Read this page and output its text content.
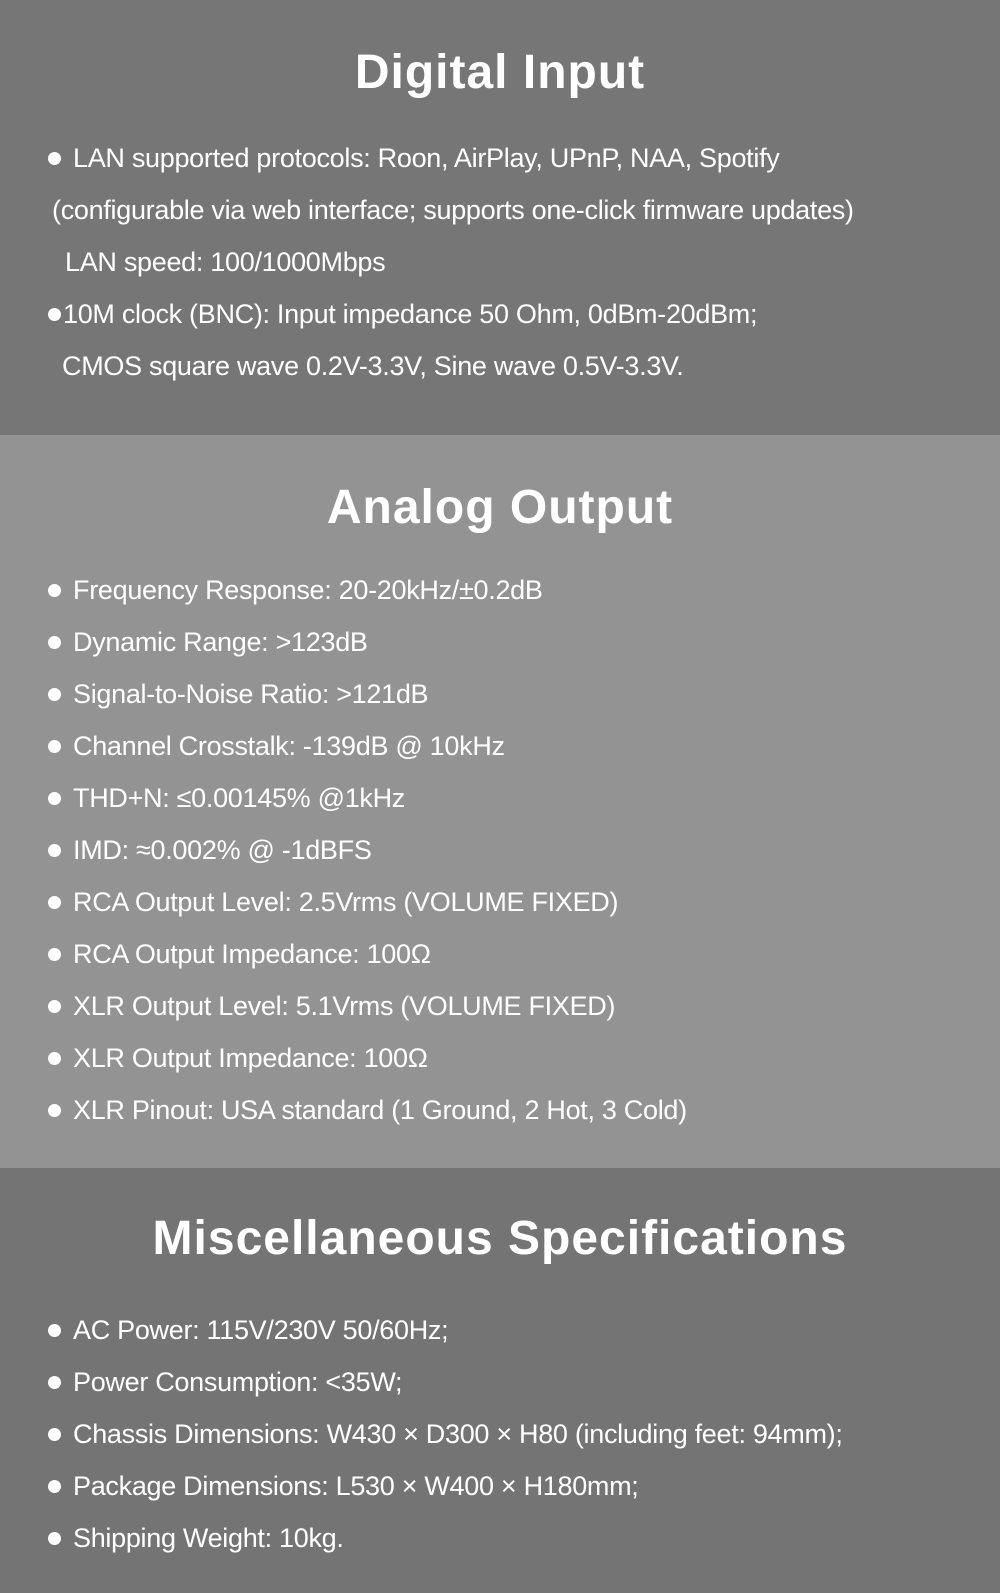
Digital Input
LAN supported protocols: Roon, AirPlay, UPnP, NAA, Spotify
(configurable via web interface; supports one-click firmware updates)
LAN speed: 100/1000Mbps
10M clock (BNC): Input impedance 50 Ohm, 0dBm-20dBm;
CMOS square wave 0.2V-3.3V, Sine wave 0.5V-3.3V.
Analog Output
Frequency Response: 20-20kHz/±0.2dB
Dynamic Range: >123dB
Signal-to-Noise Ratio: >121dB
Channel Crosstalk: -139dB @ 10kHz
THD+N: ≤0.00145% @1kHz
IMD: ≈0.002% @ -1dBFS
RCA Output Level: 2.5Vrms (VOLUME FIXED)
RCA Output Impedance: 100Ω
XLR Output Level: 5.1Vrms (VOLUME FIXED)
XLR Output Impedance: 100Ω
XLR Pinout: USA standard (1 Ground, 2 Hot, 3 Cold)
Miscellaneous Specifications
AC Power: 115V/230V 50/60Hz;
Power Consumption: <35W;
Chassis Dimensions: W430 × D300 × H80 (including feet: 94mm);
Package Dimensions: L530 × W400 × H180mm;
Shipping Weight: 10kg.
